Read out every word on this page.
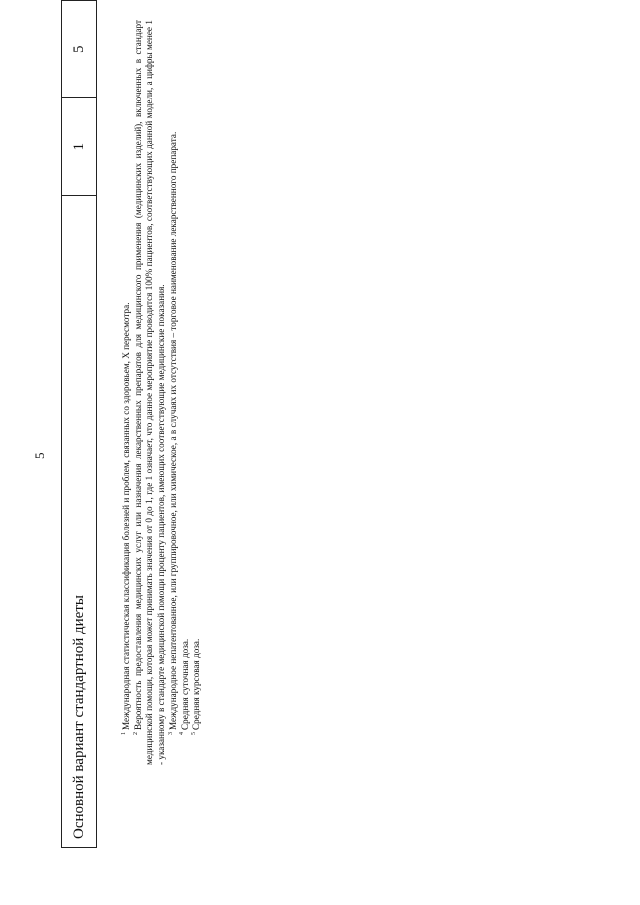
5
Основной вариант стандартной диеты	1	5

$^1$Международная статистическая классификация болезней и проблем, связанных со здоровьем, X пересмотра.

$^2$Вероятность предоставления медицинских услуг или назначения лекарственных препаратов для медицинского применения (медицинских изделий), включенных в стандарт медицинской помощи, которая может принимать значения от 0 до 1, где 1 означает, что данное мероприятие проводится 100% пациентов, соответствующих данной модели, а цифры менее 1 - указанному в стандарте медицинской помощи проценту пациентов, имеющих соответствующие медицинские показания. $^3$Международное непатентованное, или группировочное, или химическое, а в случаях их отсутствия – торговое наименование лекарственного препарата.

$^4$Средняя суточная доза.

$^5$Средняя курсовая доза.
